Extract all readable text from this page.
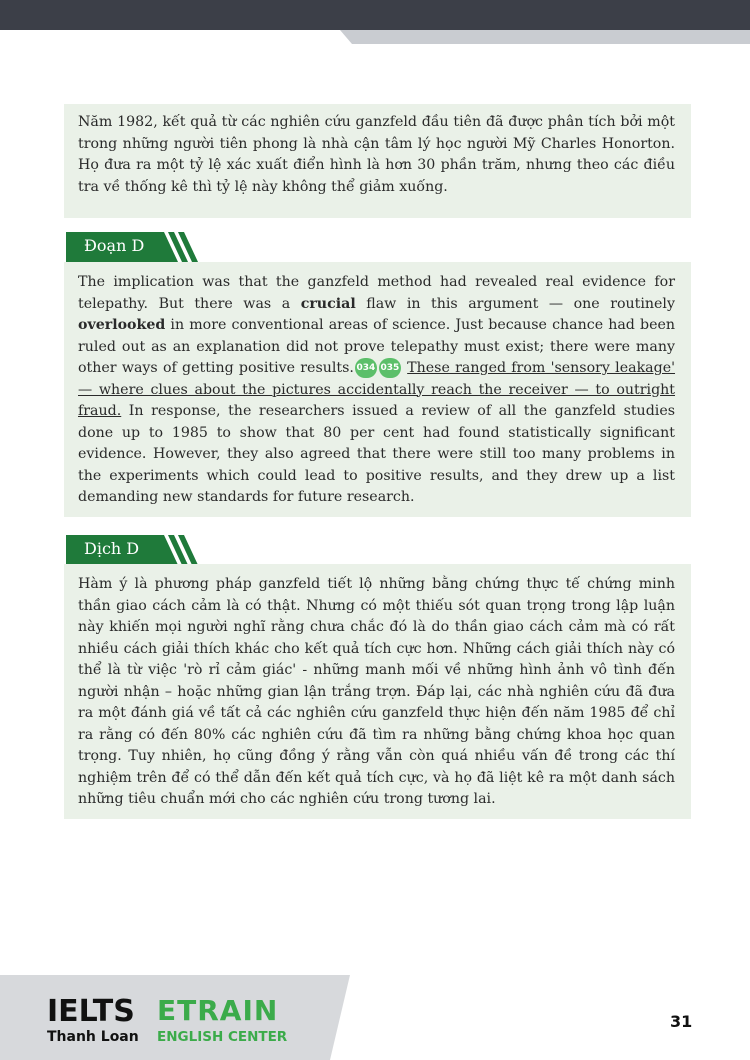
Năm 1982, kết quả từ các nghiên cứu ganzfeld đầu tiên đã được phân tích bởi một trong những người tiên phong là nhà cận tâm lý học người Mỹ Charles Honorton. Họ đưa ra một tỷ lệ xác xuất điển hình là hơn 30 phần trăm, nhưng theo các điều tra về thống kê thì tỷ lệ này không thể giảm xuống.
Đoạn D
The implication was that the ganzfeld method had revealed real evidence for telepathy. But there was a crucial flaw in this argument — one routinely overlooked in more conventional areas of science. Just because chance had been ruled out as an explanation did not prove telepathy must exist; there were many other ways of getting positive results. 034 035 These ranged from 'sensory leakage' — where clues about the pictures accidentally reach the receiver — to outright fraud. In response, the researchers issued a review of all the ganzfeld studies done up to 1985 to show that 80 per cent had found statistically significant evidence. However, they also agreed that there were still too many problems in the experiments which could lead to positive results, and they drew up a list demanding new standards for future research.
Dịch D
Hàm ý là phương pháp ganzfeld tiết lộ những bằng chứng thực tế chứng minh thần giao cách cảm là có thật. Nhưng có một thiếu sót quan trọng trong lập luận này khiến mọi người nghĩ rằng chưa chắc đó là do thần giao cách cảm mà có rất nhiều cách giải thích khác cho kết quả tích cực hơn. Những cách giải thích này có thể là từ việc 'rò rỉ cảm giác' - những manh mối về những hình ảnh vô tình đến người nhận – hoặc những gian lận trắng trợn. Đáp lại, các nhà nghiên cứu đã đưa ra một đánh giá về tất cả các nghiên cứu ganzfeld thực hiện đến năm 1985 để chỉ ra rằng có đến 80% các nghiên cứu đã tìm ra những bằng chứng khoa học quan trọng. Tuy nhiên, họ cũng đồng ý rằng vẫn còn quá nhiều vấn đề trong các thí nghiệm trên để có thể dẫn đến kết quả tích cực, và họ đã liệt kê ra một danh sách những tiêu chuẩn mới cho các nghiên cứu trong tương lai.
IELTS
Thanh Loan
ETRAIN
ENGLISH CENTER
31
